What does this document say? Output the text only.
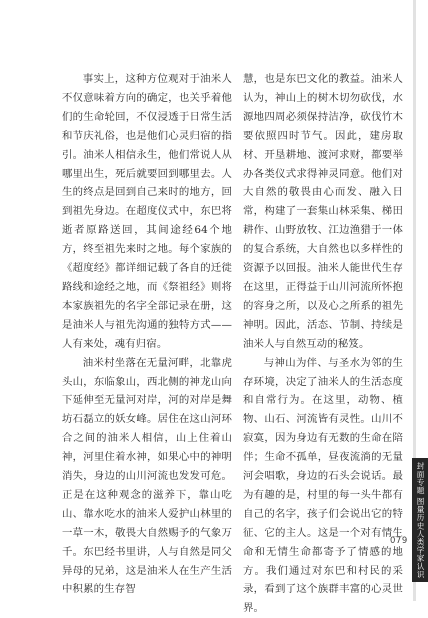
事实上，这种方位观对于油米人不仅意味着方向的确定，也关乎着他们的生命轮回，不仅浸透于日常生活和节庆礼俗，也是他们心灵归宿的指引。油米人相信永生，他们常说人从哪里出生，死后就要回到哪里去。人生的终点是回到自己来时的地方，回到祖先身边。在超度仪式中，东巴将逝者原路送回，其间途经64个地方，终至祖先来时之地。每个家族的《超度经》都详细记载了各自的迁徙路线和途经之地，而《祭祖经》则将本家族祖先的名字全部记录在册，这是油米人与祖先沟通的独特方式——人有来处，魂有归宿。

油米村坐落在无量河畔，北靠虎头山，东临象山，西北侧的神龙山向下延伸至无量河对岸，河的对岸是舞坊石磊立的妖女峰。居住在这山河环合之间的油米人相信，山上住着山神，河里住着水神，如果心中的神明消失，身边的山川河流也发发可危。正是在这种观念的滋养下，靠山吃山、靠水吃水的油米人爱护山林里的一草一木，敬畏大自然赐予的气象万千。东巴经书里讲，人与自然是同父异母的兄弟，这是油米人在生产生活中积累的生存智

慧，也是东巴文化的教益。油米人认为，神山上的树木切勿砍伐，水源地四周必须保持洁净，砍伐竹木要依照四时节气。因此，建房取材、开垦耕地、渡河求财，都要举办各类仪式求得神灵同意。他们对大自然的敬畏由心而发、融入日常，构建了一套集山林采集、梯田耕作、山野放牧、江边渔猎于一体的复合系统，大自然也以多样性的资源予以回报。油米人能世代生存在这里，正得益于山川河流所怀抱的容身之所，以及心之所系的祖先神明。因此，活态、节制、持续是油米人与自然互动的秘笈。

与神山为伴、与圣水为邻的生存环境，决定了油米人的生活态度和自常行为。在这里，动物、植物、山石、河流皆有灵性。山川不寂寞，因为身边有无数的生命在陪伴；生命不孤单，昼夜流淌的无量河会唱歌，身边的石头会说话。最为有趣的是，村里的每一头牛都有自己的名字，孩子们会说出它的特征、它的主人。这是一个对有情生命和无情生命都寄予了情感的地方。我们通过对东巴和村民的采录，看到了这个族群丰富的心灵世界。

封面专题 图量历史人类学家认识当代中国
079
